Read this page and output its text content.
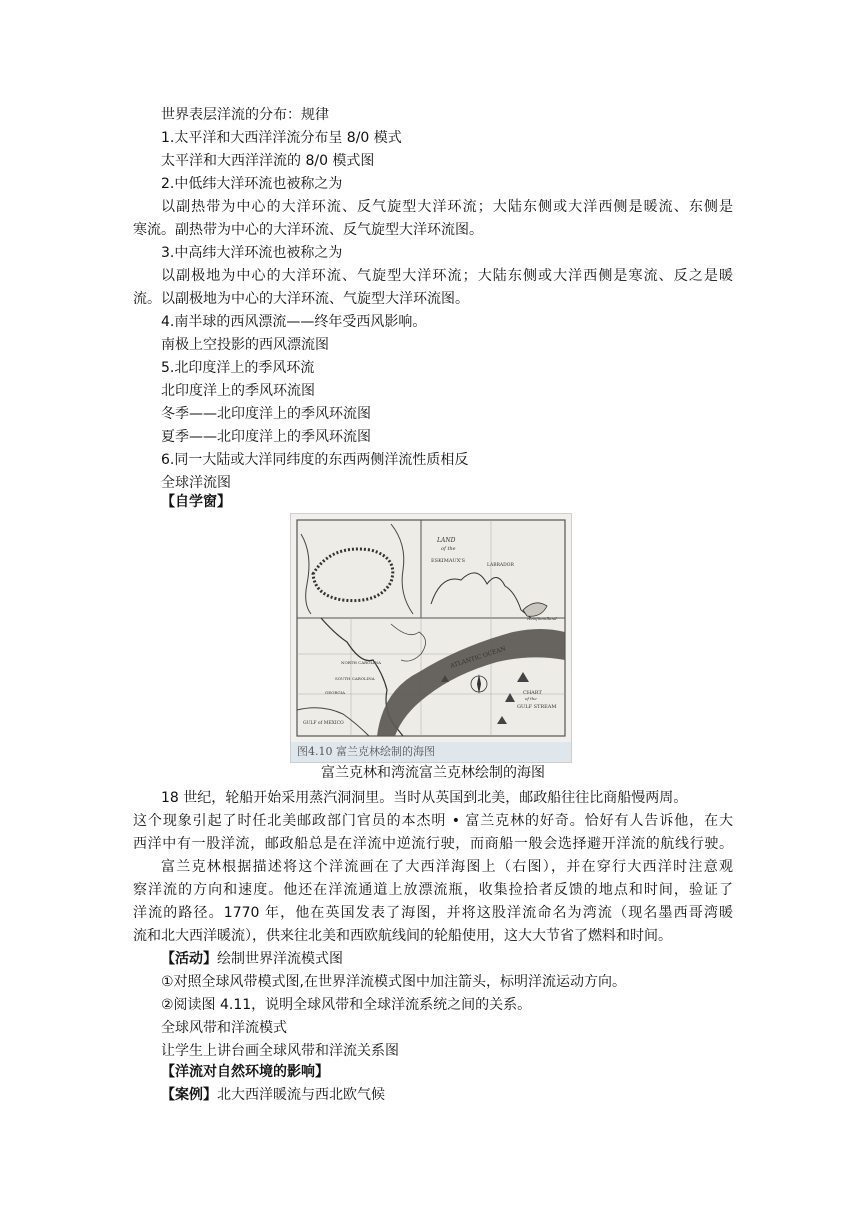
世界表层洋流的分布：规律
1.太平洋和大西洋洋流分布呈 8/0 模式
太平洋和大西洋洋流的 8/0 模式图
2.中低纬大洋环流也被称之为
以副热带为中心的大洋环流、反气旋型大洋环流；大陆东侧或大洋西侧是暖流、东侧是
寒流。副热带为中心的大洋环流、反气旋型大洋环流图。
3.中高纬大洋环流也被称之为
以副极地为中心的大洋环流、气旋型大洋环流；大陆东侧或大洋西侧是寒流、反之是暖
流。以副极地为中心的大洋环流、气旋型大洋环流图。
4.南半球的西风漂流——终年受西风影响。
南极上空投影的西风漂流图
5.北印度洋上的季风环流
北印度洋上的季风环流图
冬季——北印度洋上的季风环流图
夏季——北印度洋上的季风环流图
6.同一大陆或大洋同纬度的东西两侧洋流性质相反
全球洋流图
【自学窗】
LAND
of the
ESKIMAUX'S
LABRADOR
Newfoundland
ATLANTIC OCEAN
CHART
of the
GULF STREAM
GULF of MEXICO
NORTH CAROLINA
SOUTH CAROLINA
GEORGIA
图4.10 富兰克林绘制的海图
富兰克林和湾流富兰克林绘制的海图
18 世纪，轮船开始采用蒸汽洞洞里。当时从英国到北美，邮政船往往比商船慢两周。
这个现象引起了时任北美邮政部门官员的本杰明 • 富兰克林的好奇。恰好有人告诉他，在大
西洋中有一股洋流，邮政船总是在洋流中逆流行驶，而商船一般会选择避开洋流的航线行驶。
富兰克林根据描述将这个洋流画在了大西洋海图上（右图），并在穿行大西洋时注意观
察洋流的方向和速度。他还在洋流通道上放漂流瓶，收集捡拾者反馈的地点和时间，验证了
洋流的路径。1770 年，他在英国发表了海图，并将这股洋流命名为湾流（现名墨西哥湾暖
流和北大西洋暖流），供来往北美和西欧航线间的轮船使用，这大大节省了燃料和时间。
【活动】绘制世界洋流模式图
①对照全球风带模式图,在世界洋流模式图中加注箭头，标明洋流运动方向。
②阅读图 4.11，说明全球风带和全球洋流系统之间的关系。
全球风带和洋流模式
让学生上讲台画全球风带和洋流关系图
【洋流对自然环境的影响】
【案例】北大西洋暖流与西北欧气候
